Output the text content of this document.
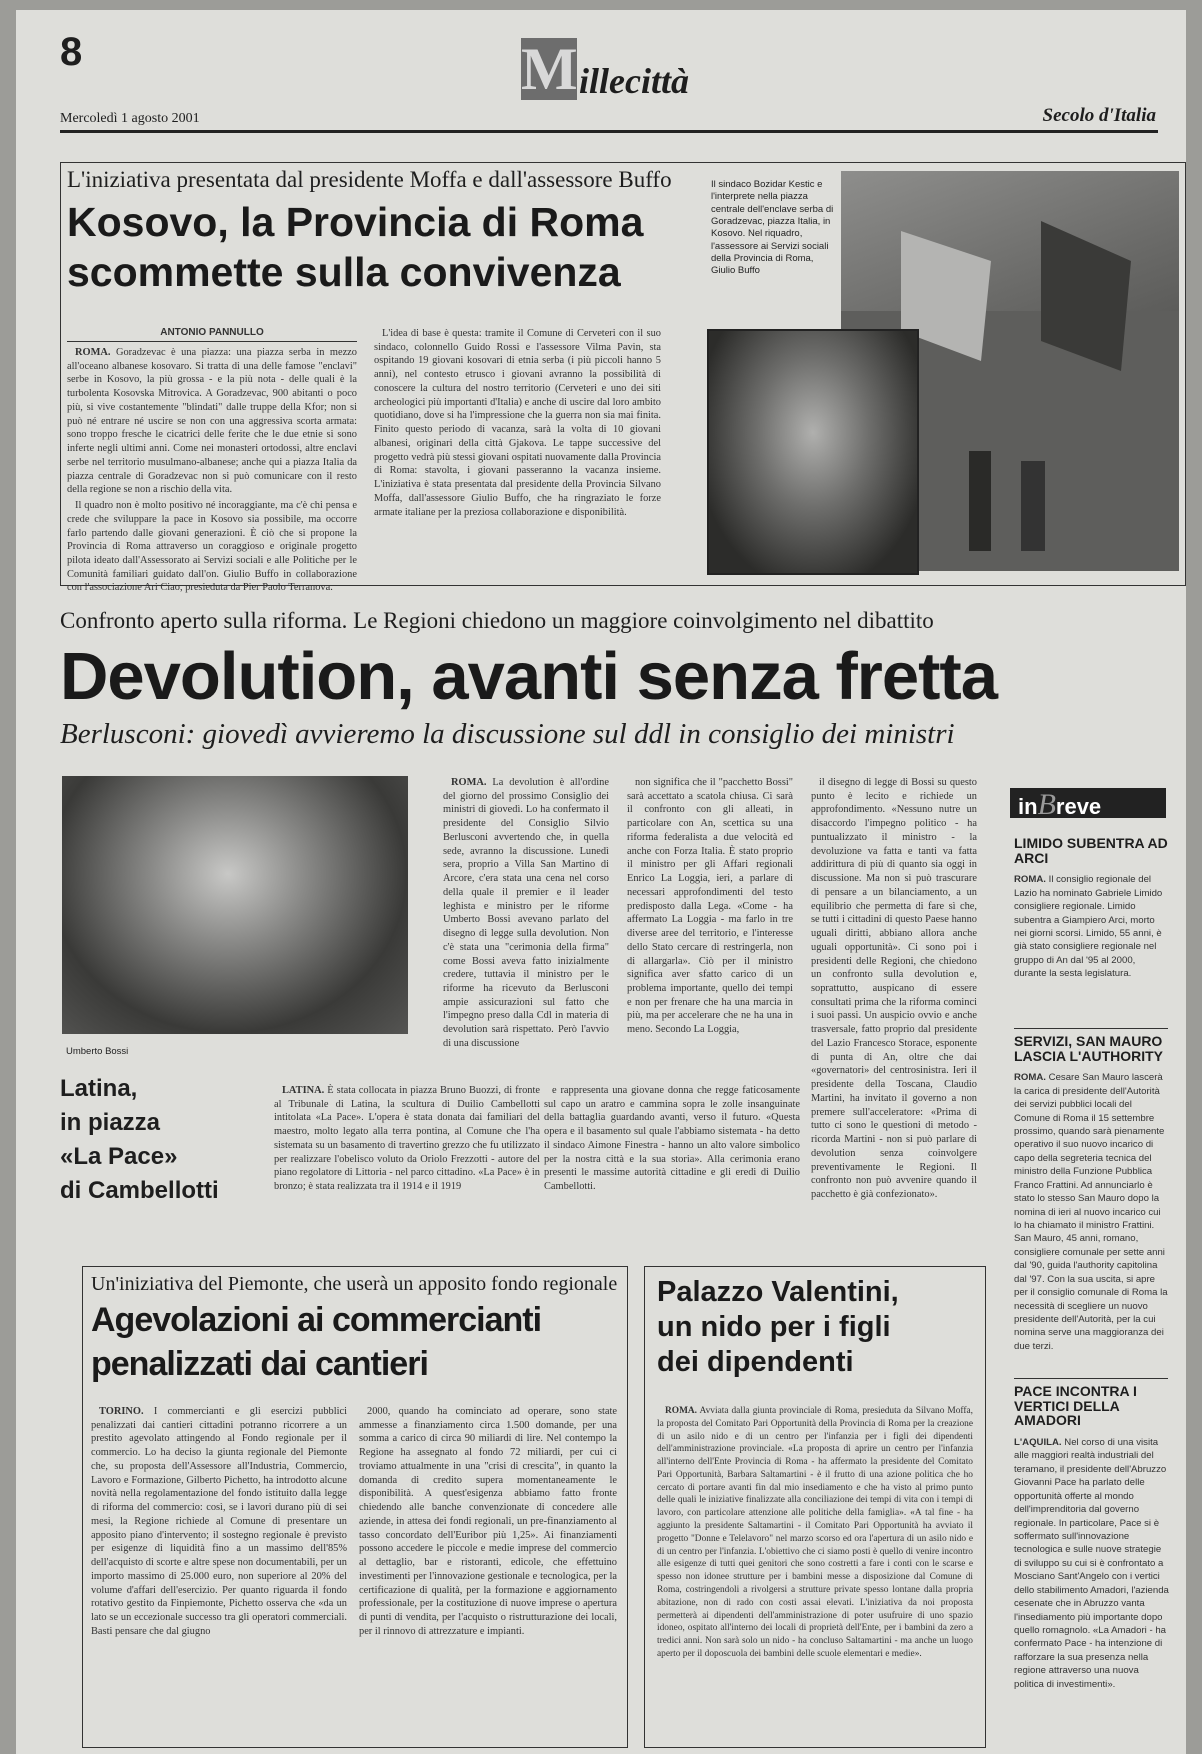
8	M illecittà
Mercoledì 1 agosto 2001	Secolo d'Italia
L'iniziativa presentata dal presidente Moffa e dall'assessore Buffo
Kosovo, la Provincia di Roma
scommette sulla convivenza
ANTONIO PANNULLO

ROMA. Goradzevac è una piazza: una piazza serba in mezzo all'oceano albanese kosovaro. Si tratta di una delle famose "enclavi" serbe in Kosovo, la più grossa - e la più nota - delle quali è la turbolenta Kosovska Mitrovica. A Goradzevac, 900 abitanti o poco più, si vive costantemente "blindati" dalle truppe della Kfor; non si può né entrare né uscire se non con una aggressiva scorta armata: sono troppo fresche le cicatrici delle ferite che le due etnie si sono inferte negli ultimi anni. Come nei monasteri ortodossi, altre enclavi serbe nel territorio musulmano-albanese; anche qui a piazza Italia da piazza centrale di Goradzevac non si può comunicare con il resto della regione se non a rischio della vita.

Il quadro non è molto positivo né incoraggiante, ma c'è chi pensa e crede che sviluppare la pace in Kosovo sia possibile, ma occorre farlo partendo dalle giovani generazioni. È ciò che si propone la Provincia di Roma attraverso un coraggioso e originale progetto pilota ideato dall'Assessorato ai Servizi sociali e alle Politiche per le Comunità familiari guidato dall'on. Giulio Buffo in collaborazione con l'associazione Ari Ciao, presieduta da Pier Paolo Terranova.

L'idea di base è questa: tramite il Comune di Cerveteri con il suo sindaco, colonnello Guido Rossi e l'assessore Vilma Pavin, sta ospitando 19 giovani kosovari di etnia serba (i più piccoli hanno 5 anni), nel contesto etrusco i giovani avranno la possibilità di conoscere la cultura del nostro territorio (Cerveteri e uno dei siti archeologici più importanti d'Italia) e anche di uscire dal loro ambito quotidiano, dove si ha l'impressione che la guerra non sia mai finita. Finito questo periodo di vacanza, sarà la volta di 10 giovani albanesi, originari della città Gjakova. Le tappe successive del progetto vedrà più stessi giovani ospitati nuovamente dalla Provincia di Roma: stavolta, i giovani passeranno la vacanza insieme. L'iniziativa è stata presentata dal presidente della Provincia Silvano Moffa, dall'assessore Giulio Buffo, che ha ringraziato le forze armate italiane per la preziosa collaborazione e disponibilità.

Il sindaco Bozidar Kestic e l'interprete nella piazza centrale dell'enclave serba di Goradzevac, piazza Italia, in Kosovo. Nel riquadro, l'assessore ai Servizi sociali della Provincia di Roma, Giulio Buffo
Confronto aperto sulla riforma. Le Regioni chiedono un maggiore coinvolgimento nel dibattito
Devolution, avanti senza fretta
Berlusconi: giovedì avvieremo la discussione sul ddl in consiglio dei ministri
Umberto Bossi

ROMA. La devolution è all'ordine del giorno del prossimo Consiglio dei ministri di giovedì. Lo ha confermato il presidente del Consiglio Silvio Berlusconi avvertendo che, in quella sede, avranno la discussione. Lunedì sera, proprio a Villa San Martino di Arcore, c'era stata una cena nel corso della quale il premier e il leader leghista e ministro per le riforme Umberto Bossi avevano parlato del disegno di legge sulla devolution. Non c'è stata una "cerimonia della firma" come Bossi aveva fatto inizialmente credere, tuttavia il ministro per le riforme ha ricevuto da Berlusconi ampie assicurazioni sul fatto che l'impegno preso dalla Cdl in materia di devolution sarà rispettato. Però l'avvio di una discussione

non significa che il "pacchetto Bossi" sarà accettato a scatola chiusa. Ci sarà il confronto con gli alleati, in particolare con An, scettica su una riforma federalista a due velocità ed anche con Forza Italia. È stato proprio il ministro per gli Affari regionali Enrico La Loggia, ieri, a parlare di necessari approfondimenti del testo predisposto dalla Lega. «Come - ha affermato La Loggia - ma farlo in tre diverse aree del territorio, e l'interesse dello Stato cercare di restringerla, non di allargarla». Ciò per il ministro significa aver sfatto carico di un problema importante, quello dei tempi e non per frenare che ha una marcia in più, ma per accelerare che ne ha una in meno. Secondo La Loggia,

il disegno di legge di Bossi su questo punto è lecito e richiede un approfondimento. «Nessuno nutre un disaccordo l'impegno politico - ha puntualizzato il ministro - la devoluzione va fatta e tanti va fatta addirittura di più di quanto sia oggi in discussione. Ma non si può trascurare di pensare a un bilanciamento, a un equilibrio che permetta di fare sì che, se tutti i cittadini di questo Paese hanno uguali diritti, abbiano allora anche uguali opportunità». Ci sono poi i presidenti delle Regioni, che chiedono un confronto sulla devolution e, soprattutto, auspicano di essere consultati prima che la riforma cominci i suoi passi. Un auspicio ovvio e anche trasversale, fatto proprio dal presidente del Lazio Francesco Storace, esponente di punta di An, oltre che dai «governatori» del centrosinistra. Ieri il presidente della Toscana, Claudio Martini, ha invitato il governo a non premere sull'acceleratore: «Prima di tutto ci sono le questioni di metodo - ricorda Martini - non si può parlare di devolution senza coinvolgere preventivamente le Regioni. Il confronto non può avvenire quando il pacchetto è già confezionato».

Latina,
in piazza
«La Pace»
di Cambellotti

LATINA. È stata collocata in piazza Bruno Buozzi, di fronte al Tribunale di Latina, la scultura di Duilio Cambellotti intitolata «La Pace». L'opera è stata donata dai familiari del maestro, molto legato alla terra pontina, al Comune che l'ha sistemata su un basamento di travertino grezzo che fu utilizzato per realizzare l'obelisco voluto da Oriolo Frezzotti - autore del piano regolatore di Littoria - nel parco cittadino. «La Pace» è in bronzo; è stata realizzata tra il 1914 e il 1919

e rappresenta una giovane donna che regge faticosamente sul capo un aratro e cammina sopra le zolle insanguinate della battaglia guardando avanti, verso il futuro. «Questa opera e il basamento sul quale l'abbiamo sistemata - ha detto il sindaco Aimone Finestra - hanno un alto valore simbolico per la nostra città e la sua storia». Alla cerimonia erano presenti le massime autorità cittadine e gli eredi di Duilio Cambellotti.

Un'iniziativa del Piemonte, che userà un apposito fondo regionale
Agevolazioni ai commercianti
penalizzati dai cantieri

TORINO. I commercianti e gli esercizi pubblici penalizzati dai cantieri cittadini potranno ricorrere a un prestito agevolato attingendo al Fondo regionale per il commercio. Lo ha deciso la giunta regionale del Piemonte che, su proposta dell'Assessore all'Industria, Commercio, Lavoro e Formazione, Gilberto Pichetto, ha introdotto alcune novità nella regolamentazione del fondo istituito dalla legge di riforma del commercio: così, se i lavori durano più di sei mesi, la Regione richiede al Comune di presentare un apposito piano d'intervento; il sostegno regionale è previsto per esigenze di liquidità fino a un massimo dell'85% dell'acquisto di scorte e altre spese non documentabili, per un importo massimo di 25.000 euro, non superiore al 20% del volume d'affari dell'esercizio. Per quanto riguarda il fondo rotativo gestito da Finpiemonte, Pichetto osserva che «da un lato se un eccezionale successo tra gli operatori commerciali. Basti pensare che dal giugno

2000, quando ha cominciato ad operare, sono state ammesse a finanziamento circa 1.500 domande, per una somma a carico di circa 90 miliardi di lire. Nel contempo la Regione ha assegnato al fondo 72 miliardi, per cui ci troviamo attualmente in una "crisi di crescita", in quanto la domanda di credito supera momentaneamente le disponibilità. A quest'esigenza abbiamo fatto fronte chiedendo alle banche convenzionate di concedere alle aziende, in attesa dei fondi regionali, un pre-finanziamento al tasso concordato dell'Euribor più 1,25». Ai finanziamenti possono accedere le piccole e medie imprese del commercio al dettaglio, bar e ristoranti, edicole, che effettuino investimenti per l'innovazione gestionale e tecnologica, per la certificazione di qualità, per la formazione e aggiornamento professionale, per la costituzione di nuove imprese o apertura di punti di vendita, per l'acquisto o ristrutturazione dei locali, per il rinnovo di attrezzature e impianti.

Palazzo Valentini,
un nido per i figli
dei dipendenti

ROMA. Avviata dalla giunta provinciale di Roma, presieduta da Silvano Moffa, la proposta del Comitato Pari Opportunità della Provincia di Roma per la creazione di un asilo nido e di un centro per l'infanzia per i figli dei dipendenti dell'amministrazione provinciale. «La proposta di aprire un centro per l'infanzia all'interno dell'Ente Provincia di Roma - ha affermato la presidente del Comitato Pari Opportunità, Barbara Saltamartini - è il frutto di una azione politica che ho cercato di portare avanti fin dal mio insediamento e che ha visto al primo punto delle quali le iniziative finalizzate alla conciliazione dei tempi di vita con i tempi di lavoro, con particolare attenzione alle politiche della famiglia». «A tal fine - ha aggiunto la presidente Saltamartini - il Comitato Pari Opportunità ha avviato il progetto "Donne e Telelavoro" nel marzo scorso ed ora l'apertura di un asilo nido e di un centro per l'infanzia. L'obiettivo che ci siamo posti è quello di venire incontro alle esigenze di tutti quei genitori che sono costretti a fare i conti con le scarse e spesso non idonee strutture per i bambini messe a disposizione dal Comune di Roma, costringendoli a rivolgersi a strutture private spesso lontane dalla propria abitazione, non di rado con costi assai elevati. L'iniziativa da noi proposta permetterà ai dipendenti dell'amministrazione di poter usufruire di uno spazio idoneo, ospitato all'interno dei locali di proprietà dell'Ente, per i bambini da zero a tredici anni. Non sarà solo un nido - ha concluso Saltamartini - ma anche un luogo aperto per il doposcuola dei bambini delle scuole elementari e medie».

inBreve
LIMIDO SUBENTRA AD ARCI
ROMA. Il consiglio regionale del Lazio ha nominato Gabriele Limido consigliere regionale. Limido subentra a Giampiero Arci, morto nei giorni scorsi. Limido, 55 anni, è già stato consigliere regionale nel gruppo di An dal '95 al 2000, durante la sesta legislatura.
SERVIZI, SAN MAURO LASCIA L'AUTHORITY
ROMA. Cesare San Mauro lascerà la carica di presidente dell'Autorità dei servizi pubblici locali del Comune di Roma il 15 settembre prossimo, quando sarà pienamente operativo il suo nuovo incarico di capo della segreteria tecnica del ministro della Funzione Pubblica Franco Frattini. Ad annunciarlo è stato lo stesso San Mauro dopo la nomina di ieri al nuovo incarico cui lo ha chiamato il ministro Frattini. San Mauro, 45 anni, romano, consigliere comunale per sette anni dal '90, guida l'authority capitolina dal '97. Con la sua uscita, si apre per il consiglio comunale di Roma la necessità di scegliere un nuovo presidente dell'Autorità, per la cui nomina serve una maggioranza dei due terzi.
PACE INCONTRA I VERTICI DELLA AMADORI
L'AQUILA. Nel corso di una visita alle maggiori realtà industriali del teramano, il presidente dell'Abruzzo Giovanni Pace ha parlato delle opportunità offerte al mondo dell'imprenditoria dal governo regionale. In particolare, Pace si è soffermato sull'innovazione tecnologica e sulle nuove strategie di sviluppo su cui si è confrontato a Mosciano Sant'Angelo con i vertici dello stabilimento Amadori, l'azienda cesenate che in Abruzzo vanta l'insediamento più importante dopo quello romagnolo. «La Amadori - ha confermato Pace - ha intenzione di rafforzare la sua presenza nella regione attraverso una nuova politica di investimenti».
